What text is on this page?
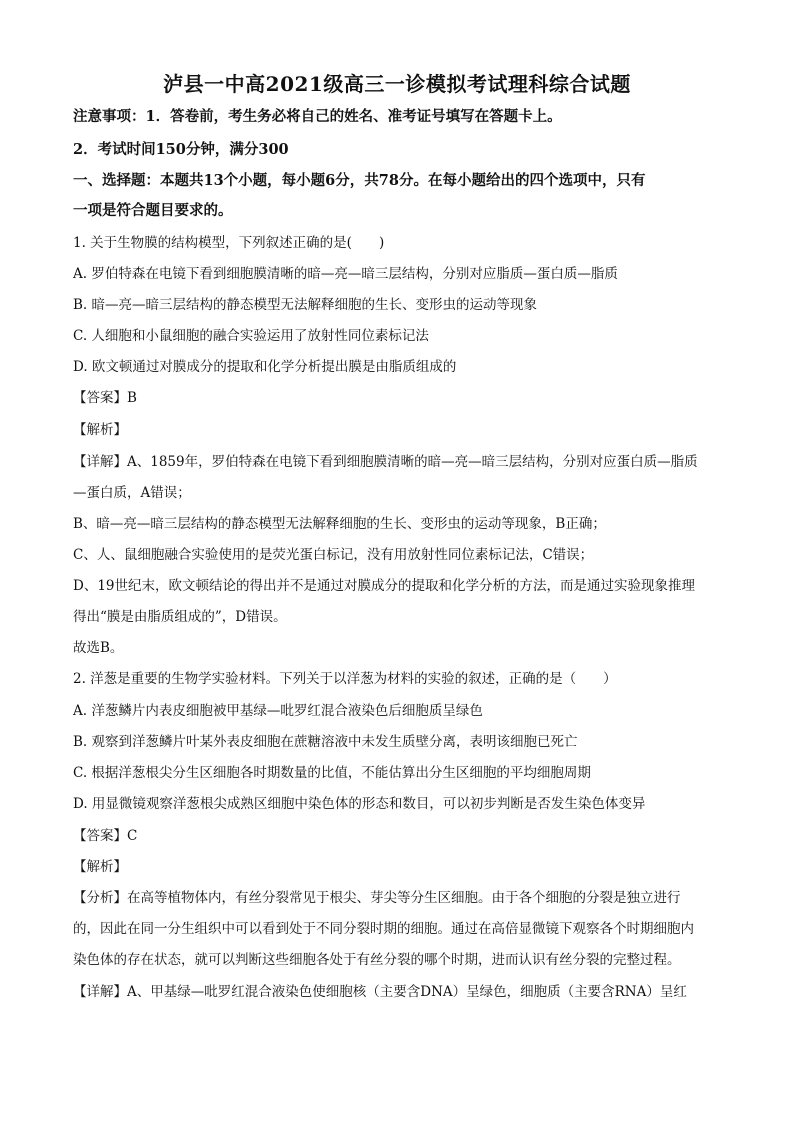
泸县一中高2021级高三一诊模拟考试理科综合试题
注意事项：1．答卷前，考生务必将自己的姓名、准考证号填写在答题卡上。
2．考试时间150分钟，满分300
一、选择题：本题共13个小题，每小题6分，共78分。在每小题给出的四个选项中，只有
一项是符合题目要求的。
1. 关于生物膜的结构模型，下列叙述正确的是(　　)
A. 罗伯特森在电镜下看到细胞膜清晰的暗—亮—暗三层结构，分别对应脂质—蛋白质—脂质
B. 暗—亮—暗三层结构的静态模型无法解释细胞的生长、变形虫的运动等现象
C. 人细胞和小鼠细胞的融合实验运用了放射性同位素标记法
D. 欧文顿通过对膜成分的提取和化学分析提出膜是由脂质组成的
【答案】B
【解析】
【详解】A、1859年，罗伯特森在电镜下看到细胞膜清晰的暗—亮—暗三层结构，分别对应蛋白质—脂质
—蛋白质，A错误；
B、暗—亮—暗三层结构的静态模型无法解释细胞的生长、变形虫的运动等现象，B正确；
C、人、鼠细胞融合实验使用的是荧光蛋白标记，没有用放射性同位素标记法，C错误；
D、19世纪末，欧文顿结论的得出并不是通过对膜成分的提取和化学分析的方法，而是通过实验现象推理
得出“膜是由脂质组成的”，D错误。
故选B。
2. 洋葱是重要的生物学实验材料。下列关于以洋葱为材料的实验的叙述，正确的是（　　）
A. 洋葱鳞片内表皮细胞被甲基绿—吡罗红混合液染色后细胞质呈绿色
B. 观察到洋葱鳞片叶某外表皮细胞在蔗糖溶液中未发生质壁分离，表明该细胞已死亡
C. 根据洋葱根尖分生区细胞各时期数量的比值，不能估算出分生区细胞的平均细胞周期
D. 用显微镜观察洋葱根尖成熟区细胞中染色体的形态和数目，可以初步判断是否发生染色体变异
【答案】C
【解析】
【分析】在高等植物体内，有丝分裂常见于根尖、芽尖等分生区细胞。由于各个细胞的分裂是独立进行
的，因此在同一分生组织中可以看到处于不同分裂时期的细胞。通过在高倍显微镜下观察各个时期细胞内
染色体的存在状态，就可以判断这些细胞各处于有丝分裂的哪个时期，进而认识有丝分裂的完整过程。
【详解】A、甲基绿—吡罗红混合液染色使细胞核（主要含DNA）呈绿色，细胞质（主要含RNA）呈红
